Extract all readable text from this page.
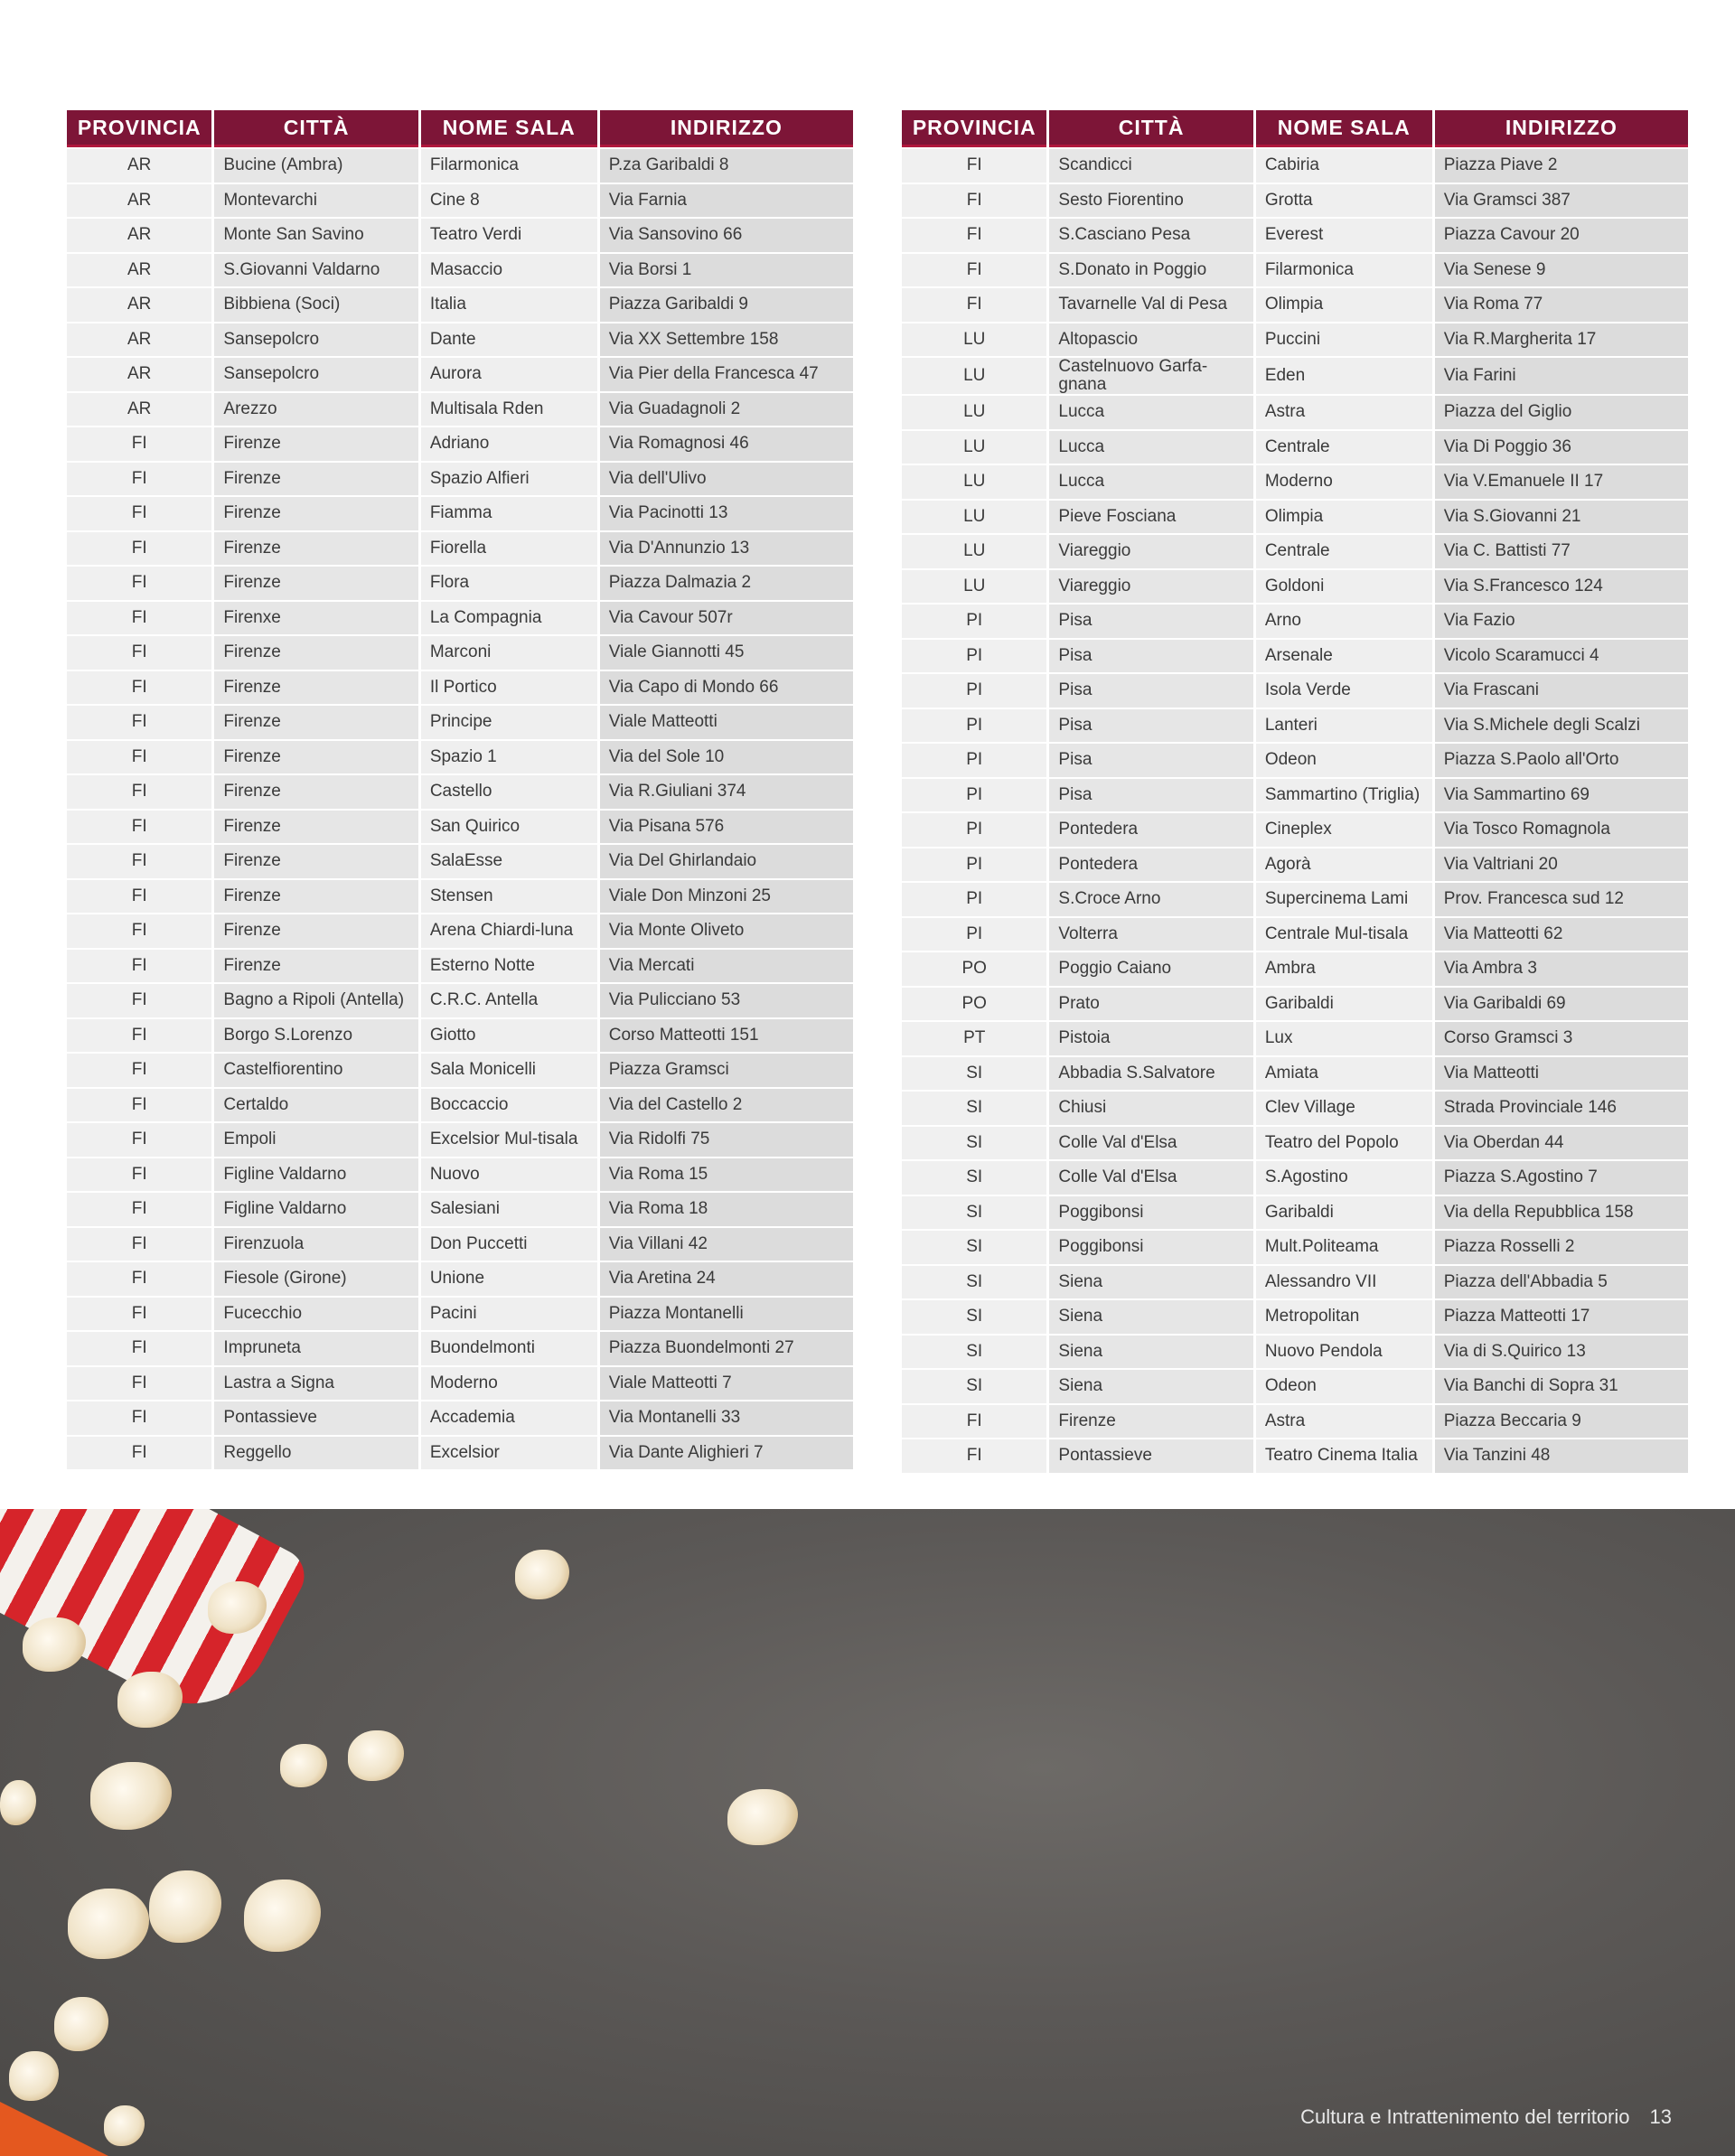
PROVINCIA	CITTÀ	NOME SALA	INDIRIZZO
AR	Bucine (Ambra)	Filarmonica	P.za Garibaldi 8
AR	Montevarchi	Cine 8	Via Farnia
AR	Monte San Savino	Teatro Verdi	Via Sansovino 66
AR	S.Giovanni Valdarno	Masaccio	Via Borsi 1
AR	Bibbiena (Soci)	Italia	Piazza Garibaldi 9
AR	Sansepolcro	Dante	Via XX Settembre 158
AR	Sansepolcro	Aurora	Via Pier della Francesca 47
AR	Arezzo	Multisala Rden	Via Guadagnoli 2
FI	Firenze	Adriano	Via Romagnosi 46
FI	Firenze	Spazio Alfieri	Via dell'Ulivo
FI	Firenze	Fiamma	Via Pacinotti 13
FI	Firenze	Fiorella	Via D'Annunzio 13
FI	Firenze	Flora	Piazza Dalmazia 2
FI	Firenxe	La Compagnia	Via Cavour 507r
FI	Firenze	Marconi	Viale Giannotti 45
FI	Firenze	Il Portico	Via Capo di Mondo 66
FI	Firenze	Principe	Viale Matteotti
FI	Firenze	Spazio 1	Via del Sole 10
FI	Firenze	Castello	Via R.Giuliani 374
FI	Firenze	San Quirico	Via Pisana 576
FI	Firenze	SalaEsse	Via Del Ghirlandaio
FI	Firenze	Stensen	Viale Don Minzoni 25
FI	Firenze	Arena Chiardi-luna	Via Monte Oliveto
FI	Firenze	Esterno Notte	Via Mercati
FI	Bagno a Ripoli (Antella)	C.R.C. Antella	Via Pulicciano 53
FI	Borgo S.Lorenzo	Giotto	Corso Matteotti 151
FI	Castelfiorentino	Sala Monicelli	Piazza Gramsci
FI	Certaldo	Boccaccio	Via del Castello 2
FI	Empoli	Excelsior Mul-tisala	Via Ridolfi 75
FI	Figline Valdarno	Nuovo	Via Roma 15
FI	Figline Valdarno	Salesiani	Via Roma 18
FI	Firenzuola	Don Puccetti	Via Villani 42
FI	Fiesole (Girone)	Unione	Via Aretina 24
FI	Fucecchio	Pacini	Piazza Montanelli
FI	Impruneta	Buondelmonti	Piazza Buondelmonti 27
FI	Lastra a Signa	Moderno	Viale Matteotti 7
FI	Pontassieve	Accademia	Via Montanelli 33
FI	Reggello	Excelsior	Via Dante Alighieri 7
PROVINCIA	CITTÀ	NOME SALA	INDIRIZZO
FI	Scandicci	Cabiria	Piazza Piave 2
FI	Sesto Fiorentino	Grotta	Via Gramsci 387
FI	S.Casciano Pesa	Everest	Piazza Cavour 20
FI	S.Donato in Poggio	Filarmonica	Via Senese 9
FI	Tavarnelle Val di Pesa	Olimpia	Via Roma 77
LU	Altopascio	Puccini	Via R.Margherita 17
LU	Castelnuovo Garfa-gnana	Eden	Via Farini
LU	Lucca	Astra	Piazza del Giglio
LU	Lucca	Centrale	Via Di Poggio 36
LU	Lucca	Moderno	Via V.Emanuele II 17
LU	Pieve Fosciana	Olimpia	Via S.Giovanni 21
LU	Viareggio	Centrale	Via C. Battisti 77
LU	Viareggio	Goldoni	Via S.Francesco 124
PI	Pisa	Arno	Via Fazio
PI	Pisa	Arsenale	Vicolo Scaramucci 4
PI	Pisa	Isola Verde	Via Frascani
PI	Pisa	Lanteri	Via S.Michele degli Scalzi
PI	Pisa	Odeon	Piazza S.Paolo all'Orto
PI	Pisa	Sammartino (Triglia)	Via Sammartino 69
PI	Pontedera	Cineplex	Via Tosco Romagnola
PI	Pontedera	Agorà	Via Valtriani 20
PI	S.Croce Arno	Supercinema Lami	Prov. Francesca sud 12
PI	Volterra	Centrale Mul-tisala	Via Matteotti 62
PO	Poggio Caiano	Ambra	Via Ambra 3
PO	Prato	Garibaldi	Via Garibaldi 69
PT	Pistoia	Lux	Corso Gramsci 3
SI	Abbadia S.Salvatore	Amiata	Via Matteotti
SI	Chiusi	Clev Village	Strada Provinciale 146
SI	Colle Val d'Elsa	Teatro del Popolo	Via Oberdan 44
SI	Colle Val d'Elsa	S.Agostino	Piazza S.Agostino 7
SI	Poggibonsi	Garibaldi	Via della Repubblica 158
SI	Poggibonsi	Mult.Politeama	Piazza Rosselli 2
SI	Siena	Alessandro VII	Piazza dell'Abbadia 5
SI	Siena	Metropolitan	Piazza Matteotti 17
SI	Siena	Nuovo Pendola	Via di S.Quirico 13
SI	Siena	Odeon	Via Banchi di Sopra 31
FI	Firenze	Astra	Piazza Beccaria 9
FI	Pontassieve	Teatro Cinema Italia	Via Tanzini 48
Cultura e Intrattenimento del territorio 13
